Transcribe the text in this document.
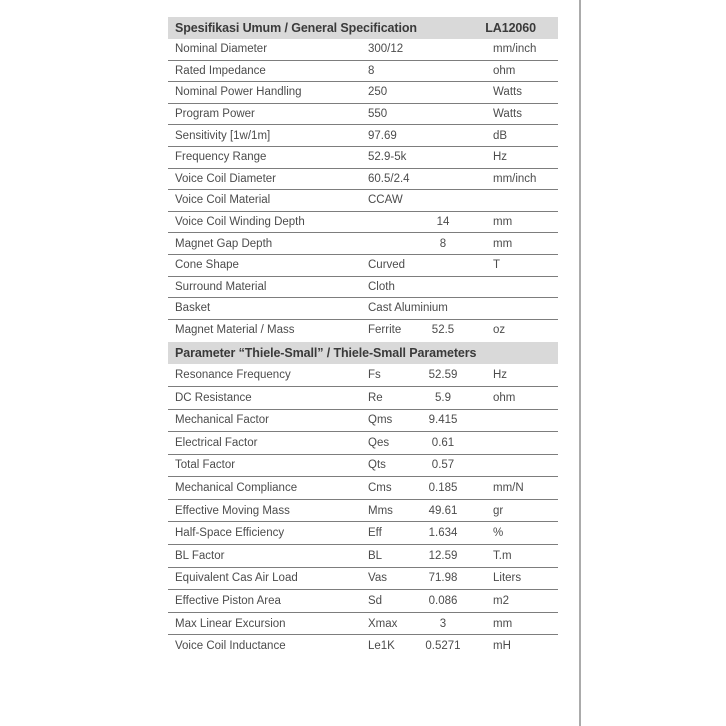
Spesifikasi Umum / General Specification	LA12060
Nominal Diameter	300/12	mm/inch
Rated Impedance	8	ohm
Nominal Power Handling	250	Watts
Program Power	550	Watts
Sensitivity [1w/1m]	97.69	dB
Frequency Range	52.9-5k	Hz
Voice Coil Diameter	60.5/2.4	mm/inch
Voice Coil Material	CCAW
Voice Coil Winding Depth	14	mm
Magnet Gap Depth	8	mm
Cone Shape	Curved	T
Surround Material	Cloth
Basket	Cast Aluminium
Magnet Material / Mass	Ferrite	52.5	oz
Parameter “Thiele-Small” / Thiele-Small Parameters
Resonance Frequency	Fs	52.59	Hz
DC Resistance	Re	5.9	ohm
Mechanical Factor	Qms	9.415
Electrical Factor	Qes	0.61
Total Factor	Qts	0.57
Mechanical Compliance	Cms	0.185	mm/N
Effective Moving Mass	Mms	49.61	gr
Half-Space Efficiency	Eff	1.634	%
BL Factor	BL	12.59	T.m
Equivalent Cas Air Load	Vas	71.98	Liters
Effective Piston Area	Sd	0.086	m2
Max Linear Excursion	Xmax	3	mm
Voice Coil Inductance	Le1K	0.5271	mH
